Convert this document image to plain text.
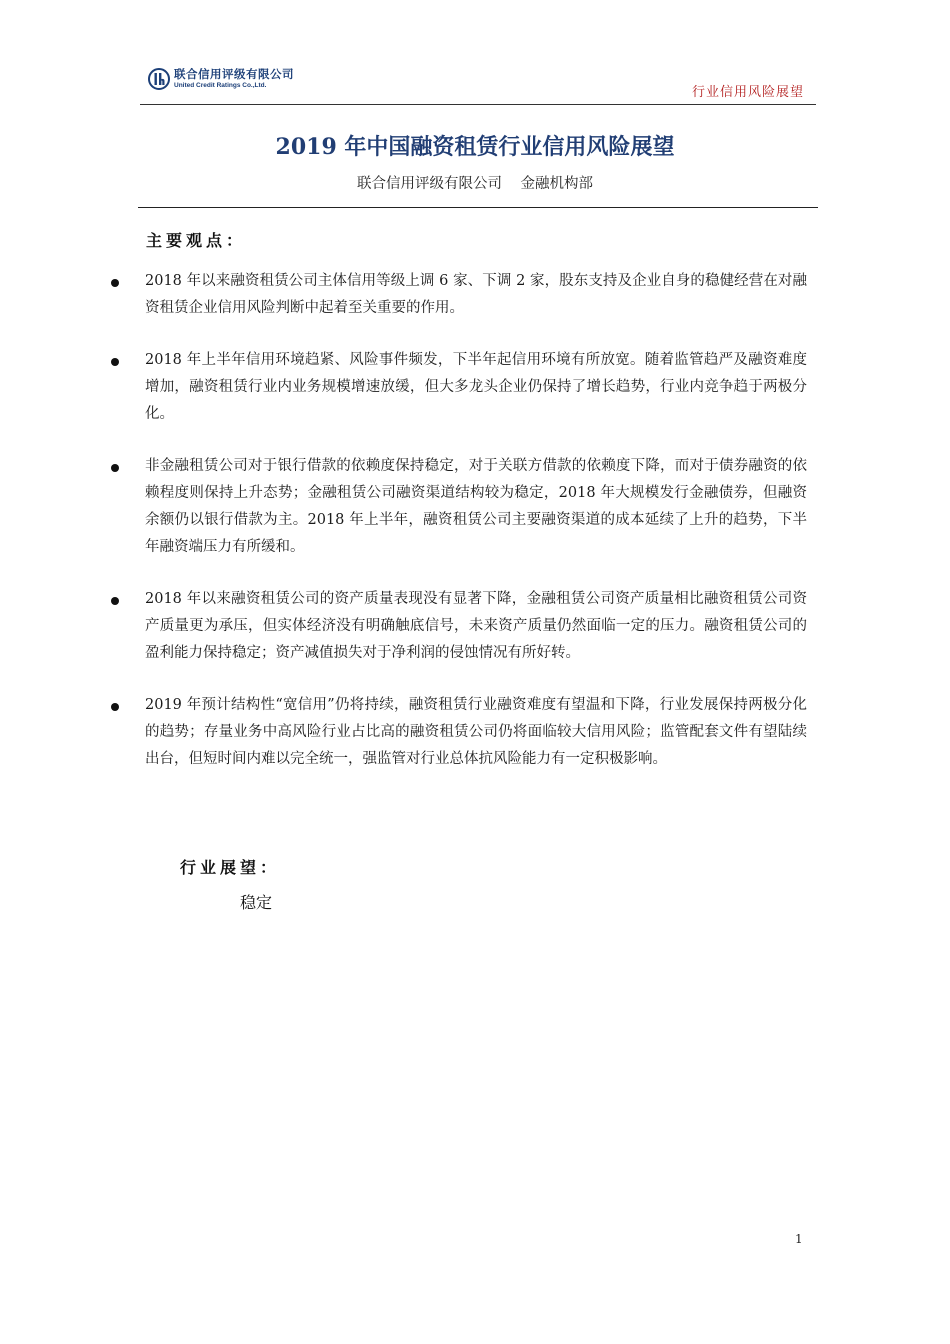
联合信用评级有限公司
United Credit Ratings Co.,Ltd.	行业信用风险展望
2019 年中国融资租赁行业信用风险展望
联合信用评级有限公司    金融机构部
主要观点：
2018 年以来融资租赁公司主体信用等级上调 6 家、下调 2 家，股东支持及企业自身的稳健经营在对融资租赁企业信用风险判断中起着至关重要的作用。
2018 年上半年信用环境趋紧、风险事件频发，下半年起信用环境有所放宽。随着监管趋严及融资难度增加，融资租赁行业内业务规模增速放缓，但大多龙头企业仍保持了增长趋势，行业内竞争趋于两极分化。
非金融租赁公司对于银行借款的依赖度保持稳定，对于关联方借款的依赖度下降，而对于债券融资的依赖程度则保持上升态势；金融租赁公司融资渠道结构较为稳定，2018 年大规模发行金融债券，但融资余额仍以银行借款为主。2018 年上半年，融资租赁公司主要融资渠道的成本延续了上升的趋势，下半年融资端压力有所缓和。
2018 年以来融资租赁公司的资产质量表现没有显著下降，金融租赁公司资产质量相比融资租赁公司资产质量更为承压，但实体经济没有明确触底信号，未来资产质量仍然面临一定的压力。融资租赁公司的盈利能力保持稳定；资产减值损失对于净利润的侵蚀情况有所好转。
2019 年预计结构性“宽信用”仍将持续，融资租赁行业融资难度有望温和下降，行业发展保持两极分化的趋势；存量业务中高风险行业占比高的融资租赁公司仍将面临较大信用风险；监管配套文件有望陆续出台，但短时间内难以完全统一，强监管对行业总体抗风险能力有一定积极影响。
行业展望：
稳定
1
